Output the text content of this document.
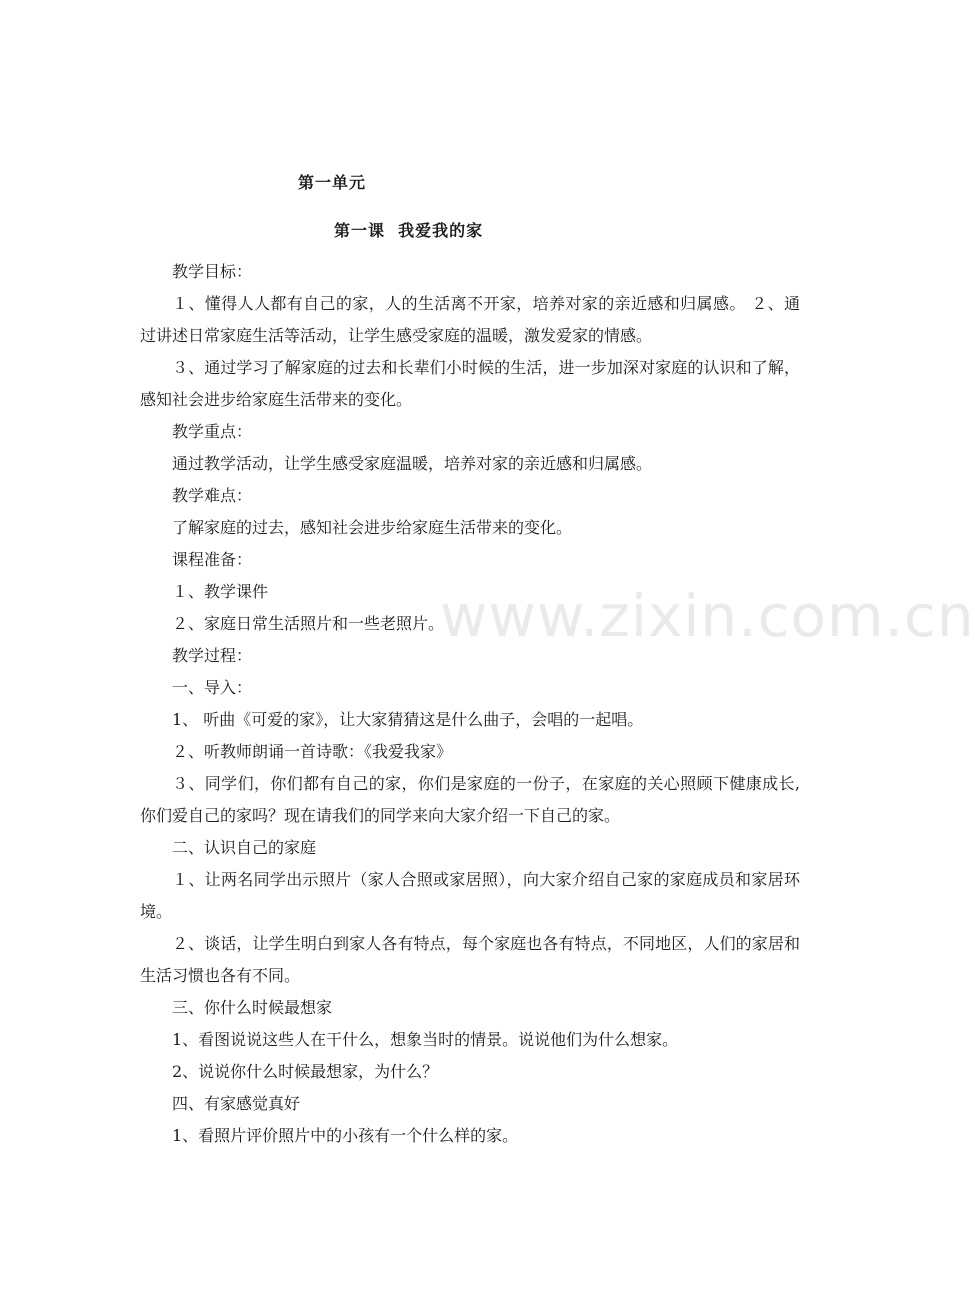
www.zixin.com.cn
第一单元
第一课  我爱我的家

教学目标：

１、懂得人人都有自己的家，人的生活离不开家，培养对家的亲近感和归属感。 ２、通过讲述日常家庭生活等活动，让学生感受家庭的温暖，激发爱家的情感。

３、通过学习了解家庭的过去和长辈们小时候的生活，进一步加深对家庭的认识和了解，感知社会进步给家庭生活带来的变化。

教学重点：

通过教学活动，让学生感受家庭温暖，培养对家的亲近感和归属感。

教学难点：

了解家庭的过去，感知社会进步给家庭生活带来的变化。

课程准备：

１、教学课件

２、家庭日常生活照片和一些老照片。

教学过程：

一、导入：

1、 听曲《可爱的家》，让大家猜猜这是什么曲子，会唱的一起唱。

２、听教师朗诵一首诗歌：《我爱我家》

３、同学们，你们都有自己的家，你们是家庭的一份子，在家庭的关心照顾下健康成长,你们爱自己的家吗？现在请我们的同学来向大家介绍一下自己的家。

二、认识自己的家庭

１、让两名同学出示照片（家人合照或家居照），向大家介绍自己家的家庭成员和家居环境。

２、谈话，让学生明白到家人各有特点，每个家庭也各有特点，不同地区，人们的家居和生活习惯也各有不同。

三、你什么时候最想家

1、看图说说这些人在干什么，想象当时的情景。说说他们为什么想家。

2、说说你什么时候最想家，为什么？

四、有家感觉真好

1、看照片评价照片中的小孩有一个什么样的家。
